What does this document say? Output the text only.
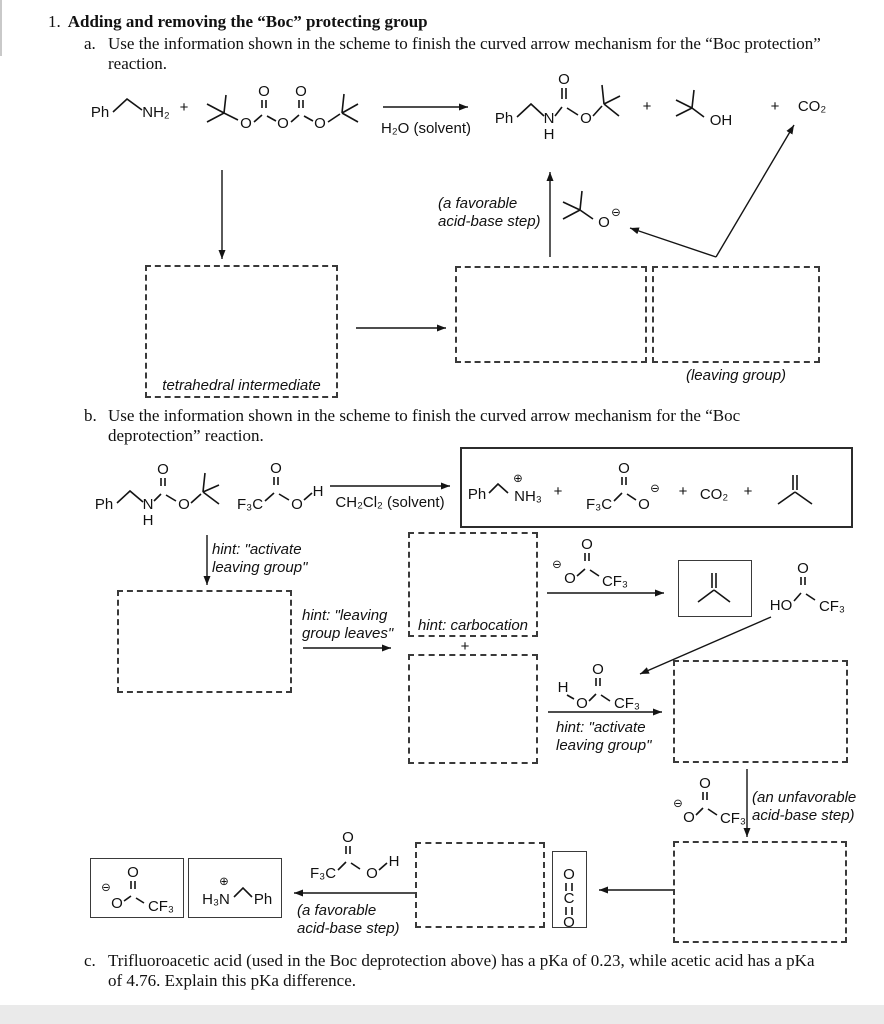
1. Adding and removing the “Boc” protecting group
a. Use the information shown in the scheme to finish the curved arrow mechanism for the “Boc protection”
reaction.
b. Use the information shown in the scheme to finish the curved arrow mechanism for the “Boc
deprotection” reaction.
c. Trifluoroacetic acid (used in the Boc deprotection above) has a pKa of 0.23, while acetic acid has a pKa
of 4.76. Explain this pKa difference.
tetrahedral intermediate
(leaving group)
(a favorable
acid-base step)
hint: "activate
leaving group"
hint: "leaving
group leaves"	hint: carbocation
hint: "activate
leaving group"
(an unfavorable
acid-base step)
(a favorable
acid-base step)
Ph NH₂ +
O
O
O
O
O	H₂O (solvent)
Ph N
H
O
O
+
OH
+ CO₂
O
⊖
Ph N
H
O
O	F₃C
O
O
H
CH₂Cl₂ (solvent) Ph NH₃
⊕
+
F₃C
O
O
⊖ + CO₂ +
+
⊖
O
O
CF₃
HO
O
CF₃
H
O
O
CF₃
⊖
O
O
CF₃
O
C
O
F₃C
O
O
H
⊖
O
O
CF₃ H₃N
⊕
Ph
